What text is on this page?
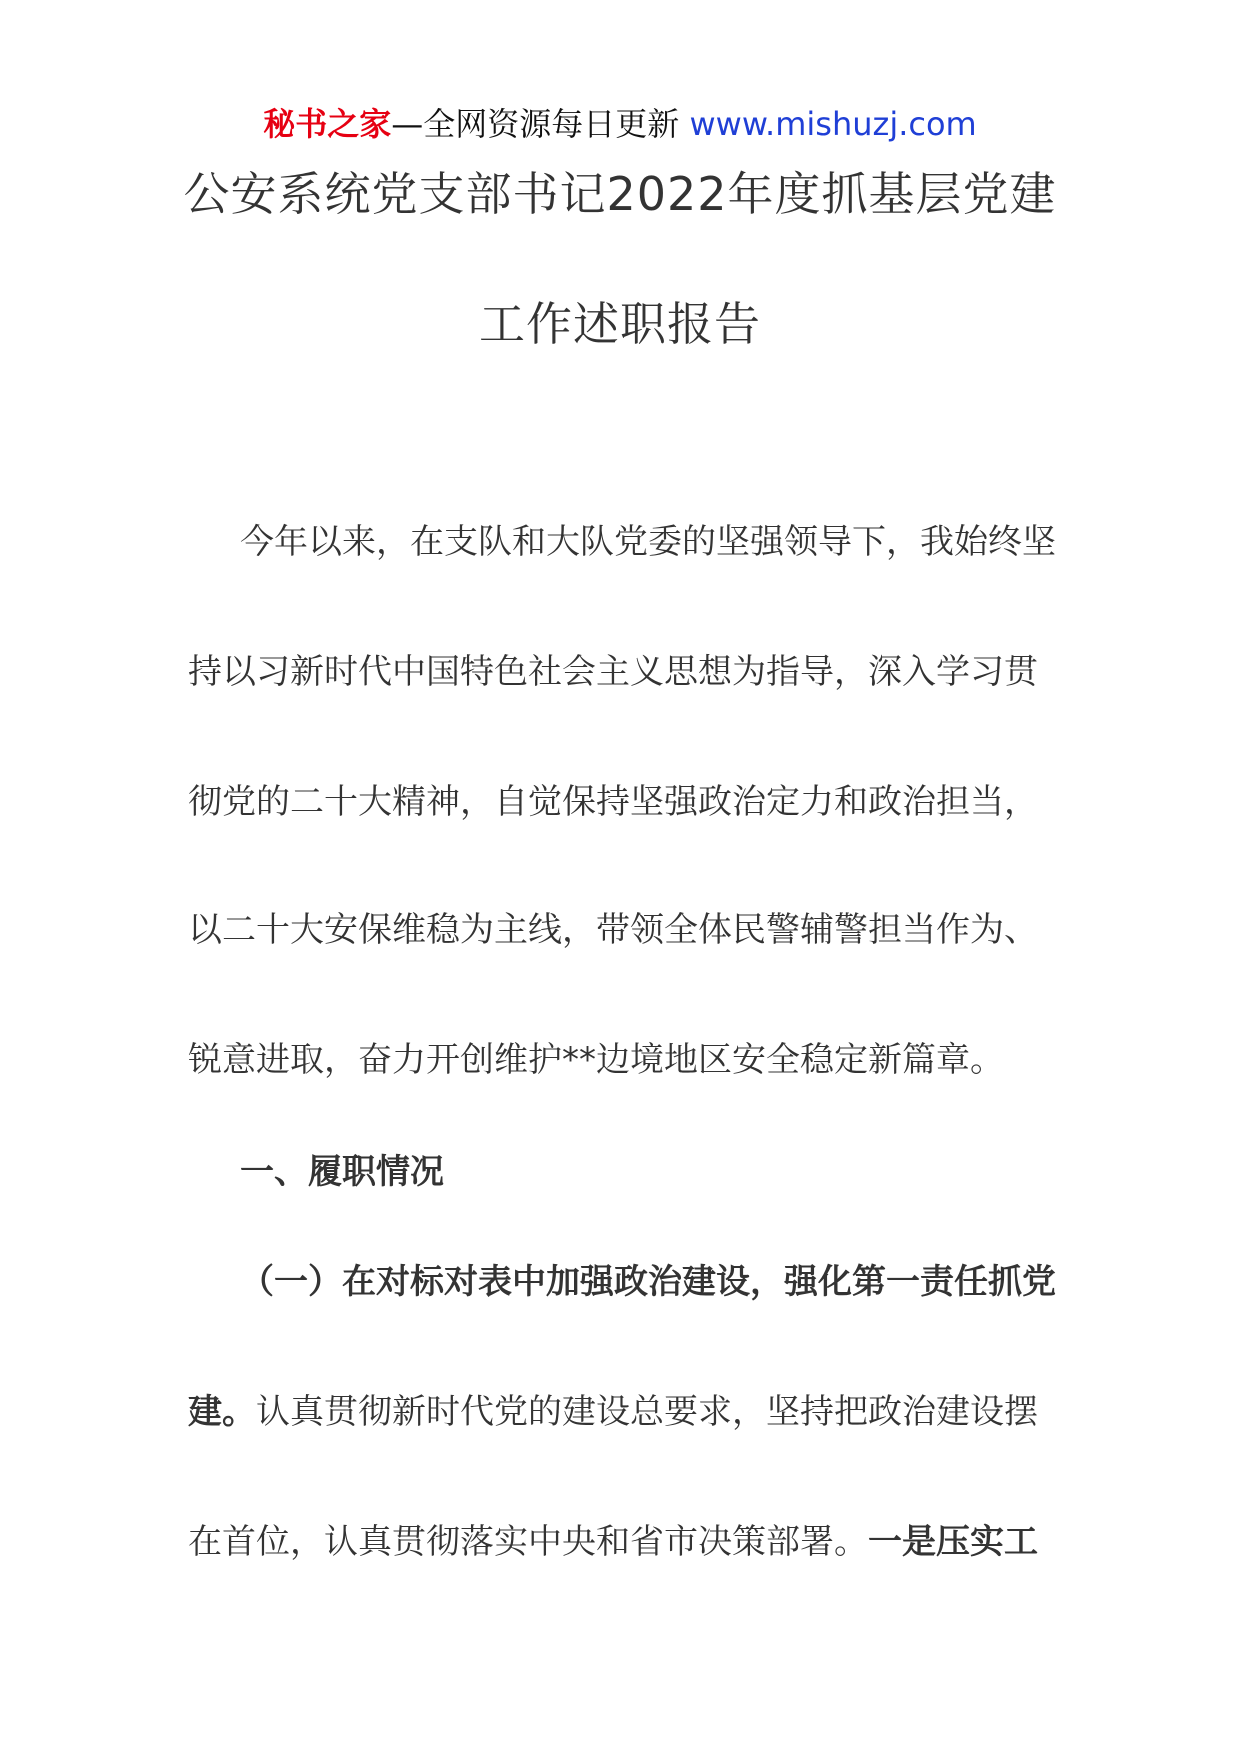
秘书之家—全网资源每日更新 www.mishuzj.com
公安系统党支部书记2022年度抓基层党建
工作述职报告
今年以来，在支队和大队党委的坚强领导下，我始终坚
持以习新时代中国特色社会主义思想为指导，深入学习贯
彻党的二十大精神，自觉保持坚强政治定力和政治担当，
以二十大安保维稳为主线，带领全体民警辅警担当作为、
锐意进取，奋力开创维护**边境地区安全稳定新篇章。
一、履职情况
（一）在对标对表中加强政治建设，强化第一责任抓党
建。认真贯彻新时代党的建设总要求，坚持把政治建设摆
在首位，认真贯彻落实中央和省市决策部署。一是压实工
